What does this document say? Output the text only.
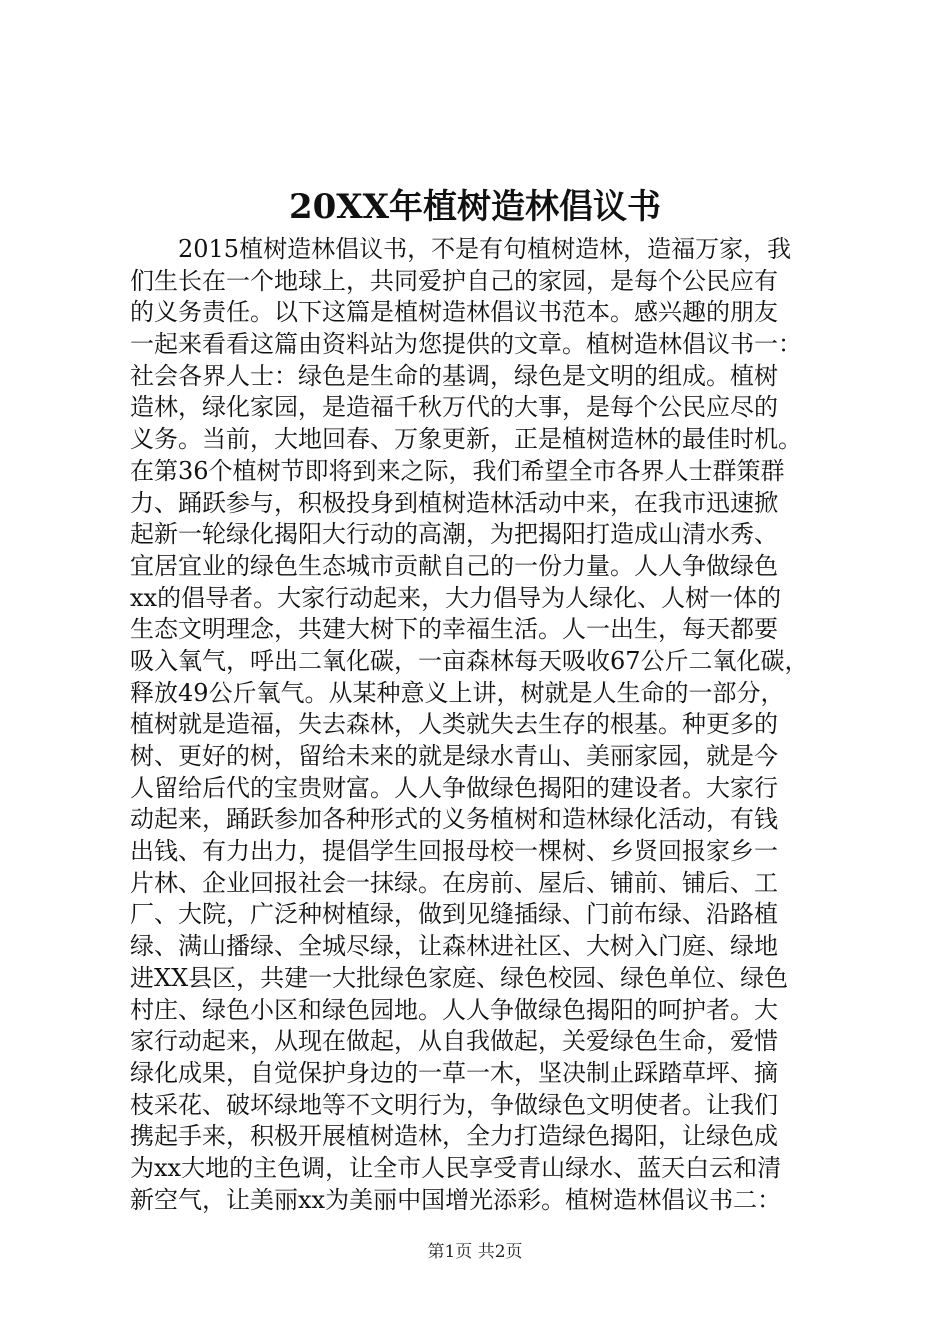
20XX年植树造林倡议书
2015植树造林倡议书，不是有句植树造林，造福万家，我
们生长在一个地球上，共同爱护自己的家园，是每个公民应有
的义务责任。以下这篇是植树造林倡议书范本。感兴趣的朋友
一起来看看这篇由资料站为您提供的文章。植树造林倡议书一：
社会各界人士：绿色是生命的基调，绿色是文明的组成。植树
造林，绿化家园，是造福千秋万代的大事，是每个公民应尽的
义务。当前，大地回春、万象更新，正是植树造林的最佳时机。
在第36个植树节即将到来之际，我们希望全市各界人士群策群
力、踊跃参与，积极投身到植树造林活动中来，在我市迅速掀
起新一轮绿化揭阳大行动的高潮，为把揭阳打造成山清水秀、
宜居宜业的绿色生态城市贡献自己的一份力量。人人争做绿色
xx的倡导者。大家行动起来，大力倡导为人绿化、人树一体的
生态文明理念，共建大树下的幸福生活。人一出生，每天都要
吸入氧气，呼出二氧化碳，一亩森林每天吸收67公斤二氧化碳，
释放49公斤氧气。从某种意义上讲，树就是人生命的一部分，
植树就是造福，失去森林，人类就失去生存的根基。种更多的
树、更好的树，留给未来的就是绿水青山、美丽家园，就是今
人留给后代的宝贵财富。人人争做绿色揭阳的建设者。大家行
动起来，踊跃参加各种形式的义务植树和造林绿化活动，有钱
出钱、有力出力，提倡学生回报母校一棵树、乡贤回报家乡一
片林、企业回报社会一抹绿。在房前、屋后、铺前、铺后、工
厂、大院，广泛种树植绿，做到见缝插绿、门前布绿、沿路植
绿、满山播绿、全城尽绿，让森林进社区、大树入门庭、绿地
进XX县区，共建一大批绿色家庭、绿色校园、绿色单位、绿色
村庄、绿色小区和绿色园地。人人争做绿色揭阳的呵护者。大
家行动起来，从现在做起，从自我做起，关爱绿色生命，爱惜
绿化成果，自觉保护身边的一草一木，坚决制止踩踏草坪、摘
枝采花、破坏绿地等不文明行为，争做绿色文明使者。让我们
携起手来，积极开展植树造林，全力打造绿色揭阳，让绿色成
为xx大地的主色调，让全市人民享受青山绿水、蓝天白云和清
新空气，让美丽xx为美丽中国增光添彩。植树造林倡议书二：
第1页 共2页
